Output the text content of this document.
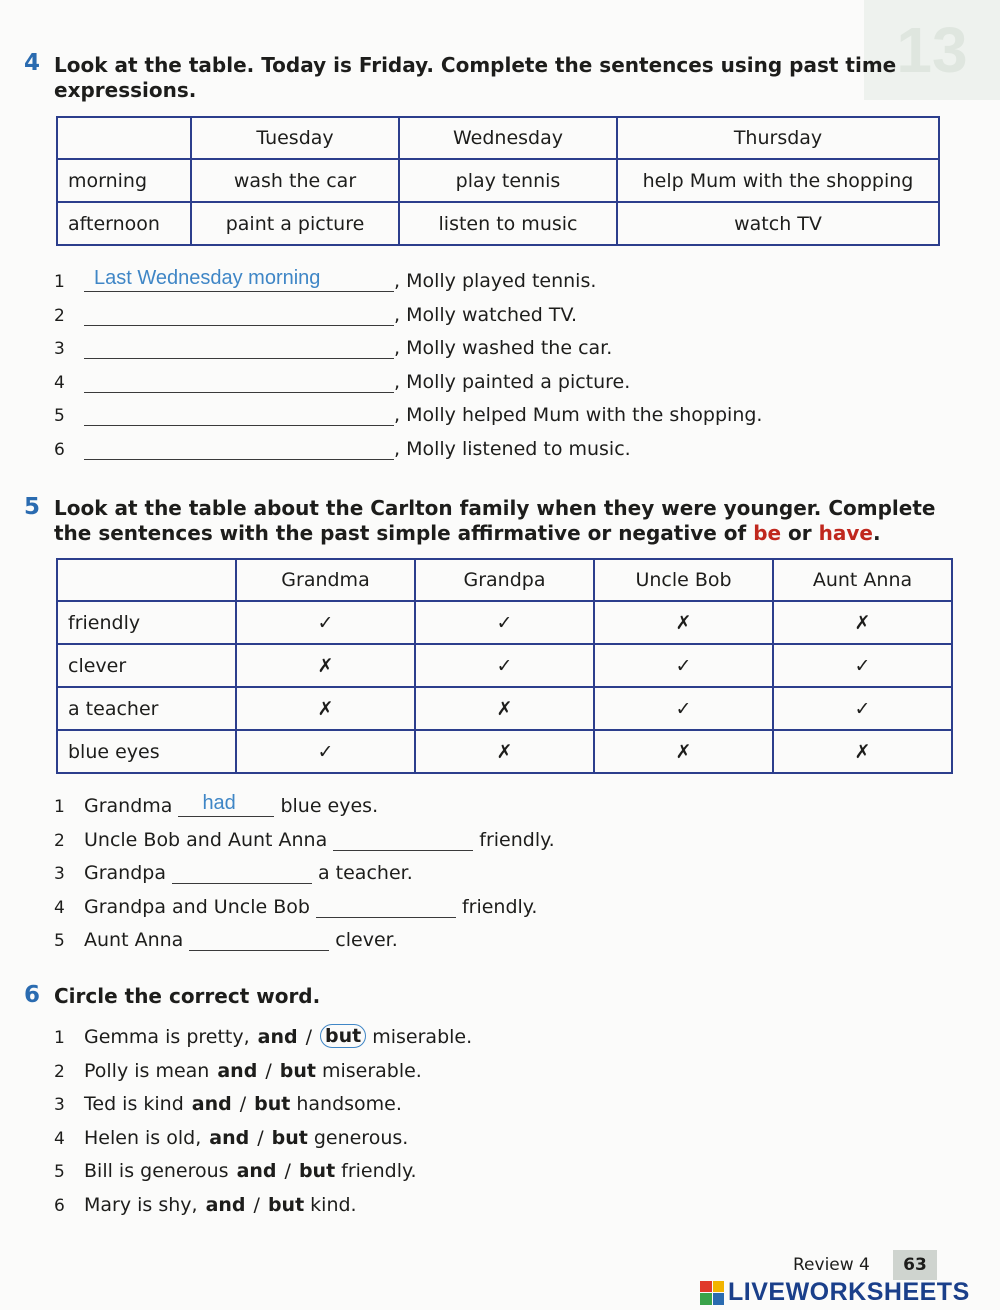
13
4 Look at the table. Today is Friday. Complete the sentences using past time expressions.
	Tuesday	Wednesday	Thursday
morning	wash the car	play tennis	help Mum with the shopping
afternoon	paint a picture	listen to music	watch TV
1	Last Wednesday morning	, Molly played tennis.
2	, Molly watched TV.
3	, Molly washed the car.
4	, Molly painted a picture.
5	, Molly helped Mum with the shopping.
6	, Molly listened to music.
5 Look at the table about the Carlton family when they were younger. Complete the sentences with the past simple affirmative or negative of be or have.
	Grandma	Grandpa	Uncle Bob	Aunt Anna
friendly	✓	✓	✗	✗
clever	✗	✓	✓	✓
a teacher	✗	✗	✓	✓
blue eyes	✓	✗	✗	✗
1	Grandma had blue eyes.
2	Uncle Bob and Aunt Anna	friendly.
3	Grandpa	a teacher.
4	Grandpa and Uncle Bob	friendly.
5	Aunt Anna	clever.
6 Circle the correct word.
1	Gemma is pretty, and / but miserable.
2	Polly is mean and / but miserable.
3	Ted is kind and / but handsome.
4	Helen is old, and / but generous.
5	Bill is generous and / but friendly.
6	Mary is shy, and / but kind.
Review 4	63
LIVEWORKSHEETS
